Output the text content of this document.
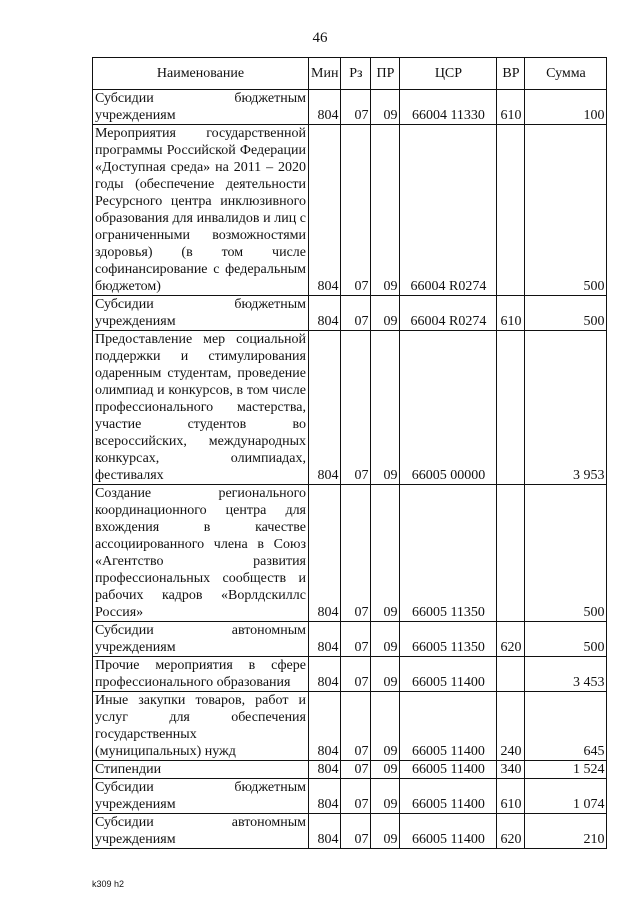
46
Наименование	Мин	Рз	ПР	ЦСР	ВР	Сумма
Субсидии бюджетным учреждениям	804	07	09	66004 11330	610	100
Мероприятия государственной программы Российской Федерации «Доступная среда» на 2011 – 2020 годы (обеспечение деятельности Ресурсного центра инклюзивного образования для инвалидов и лиц с ограниченными возможностями здоровья) (в том числе софинансирование с федеральным бюджетом)	804	07	09	66004 R0274		500
Субсидии бюджетным учреждениям	804	07	09	66004 R0274	610	500
Предоставление мер социальной поддержки и стимулирования одаренным студентам, проведение олимпиад и конкурсов, в том числе профессионального мастерства, участие студентов во всероссийских, международных конкурсах, олимпиадах, фестивалях	804	07	09	66005 00000		3 953
Создание регионального координационного центра для вхождения в качестве ассоциированного члена в Союз «Агентство развития профессиональных сообществ и рабочих кадров «Ворлдскиллс Россия»	804	07	09	66005 11350		500
Субсидии автономным учреждениям	804	07	09	66005 11350	620	500
Прочие мероприятия в сфере профессионального образования	804	07	09	66005 11400		3 453
Иные закупки товаров, работ и услуг для обеспечения государственных (муниципальных) нужд	804	07	09	66005 11400	240	645
Стипендии	804	07	09	66005 11400	340	1 524
Субсидии бюджетным учреждениям	804	07	09	66005 11400	610	1 074
Субсидии автономным учреждениям	804	07	09	66005 11400	620	210
k309 h2
